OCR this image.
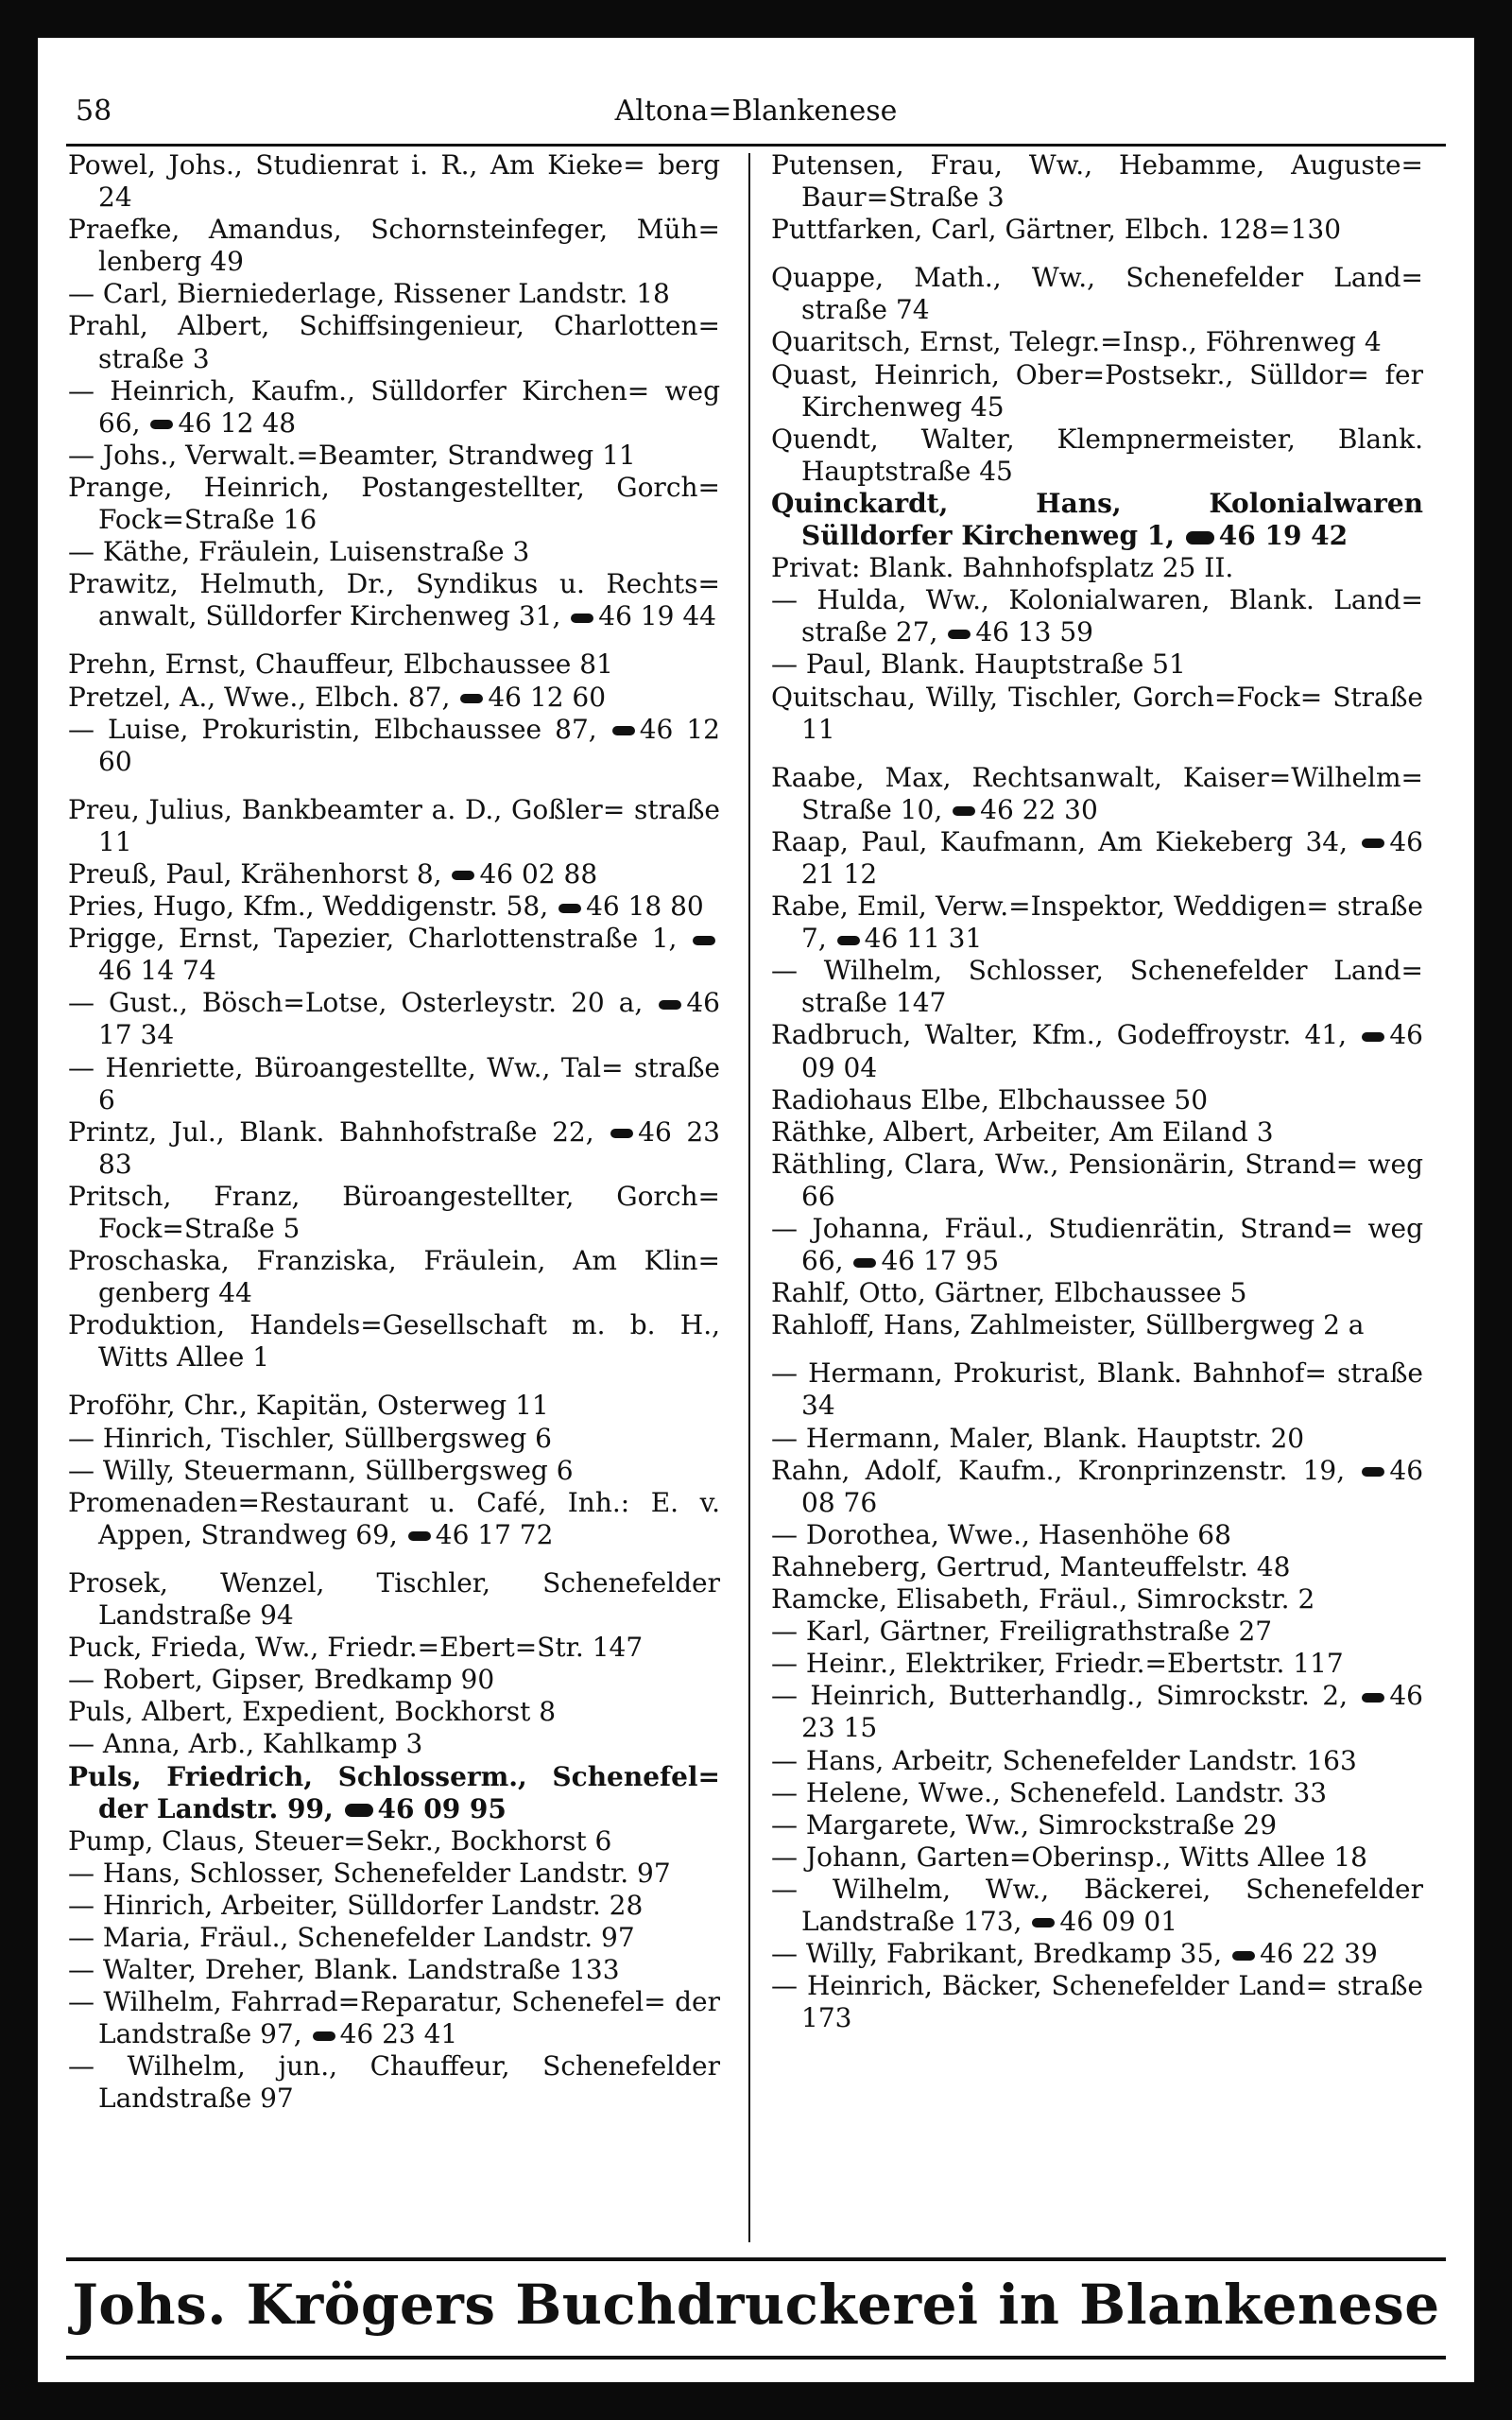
Altona=Blankenese
58
Powel, Johs., Studienrat i. R., Am Kieke= berg 24
Praefke, Amandus, Schornsteinfeger, Müh= lenberg 49
— Carl, Bierniederlage, Rissener Landstr. 18
Prahl, Albert, Schiffsingenieur, Charlotten= straße 3
— Heinrich, Kaufm., Sülldorfer Kirchen= weg 66, 46 12 48
— Johs., Verwalt.=Beamter, Strandweg 11
Prange, Heinrich, Postangestellter, Gorch= Fock=Straße 16
— Käthe, Fräulein, Luisenstraße 3
Prawitz, Helmuth, Dr., Syndikus u. Rechts= anwalt, Sülldorfer Kirchenweg 31, 46 19 44
Prehn, Ernst, Chauffeur, Elbchaussee 81
Pretzel, A., Wwe., Elbch. 87, 46 12 60
— Luise, Prokuristin, Elbchaussee 87, 46 12 60
Preu, Julius, Bankbeamter a. D., Goßler= straße 11
Preuß, Paul, Krähenhorst 8, 46 02 88
Pries, Hugo, Kfm., Weddigenstr. 58, 46 18 80
Prigge, Ernst, Tapezier, Charlottenstraße 1, 46 14 74
— Gust., Bösch=Lotse, Osterleystr. 20 a, 46 17 34
— Henriette, Büroangestellte, Ww., Tal= straße 6
Printz, Jul., Blank. Bahnhofstraße 22, 46 23 83
Pritsch, Franz, Büroangestellter, Gorch= Fock=Straße 5
Proschaska, Franziska, Fräulein, Am Klin= genberg 44
Produktion, Handels=Gesellschaft m. b. H., Witts Allee 1
Proföhr, Chr., Kapitän, Osterweg 11
— Hinrich, Tischler, Süllbergsweg 6
— Willy, Steuermann, Süllbergsweg 6
Promenaden=Restaurant u. Café, Inh.: E. v. Appen, Strandweg 69, 46 17 72
Prosek, Wenzel, Tischler, Schenefelder Landstraße 94
Puck, Frieda, Ww., Friedr.=Ebert=Str. 147
— Robert, Gipser, Bredkamp 90
Puls, Albert, Expedient, Bockhorst 8
— Anna, Arb., Kahlkamp 3
Puls, Friedrich, Schlosserm., Schenefel= der Landstr. 99, 46 09 95
Pump, Claus, Steuer=Sekr., Bockhorst 6
— Hans, Schlosser, Schenefelder Landstr. 97
— Hinrich, Arbeiter, Sülldorfer Landstr. 28
— Maria, Fräul., Schenefelder Landstr. 97
— Walter, Dreher, Blank. Landstraße 133
— Wilhelm, Fahrrad=Reparatur, Schenefel= der Landstraße 97, 46 23 41
— Wilhelm, jun., Chauffeur, Schenefelder Landstraße 97
Putensen, Frau, Ww., Hebamme, Auguste= Baur=Straße 3
Puttfarken, Carl, Gärtner, Elbch. 128=130
Quappe, Math., Ww., Schenefelder Land= straße 74
Quaritsch, Ernst, Telegr.=Insp., Föhrenweg 4
Quast, Heinrich, Ober=Postsekr., Sülldor= fer Kirchenweg 45
Quendt, Walter, Klempnermeister, Blank. Hauptstraße 45
Quinckardt, Hans, Kolonialwaren Sülldorfer Kirchenweg 1, 46 19 42
Privat: Blank. Bahnhofsplatz 25 II.
— Hulda, Ww., Kolonialwaren, Blank. Land= straße 27, 46 13 59
— Paul, Blank. Hauptstraße 51
Quitschau, Willy, Tischler, Gorch=Fock= Straße 11
Raabe, Max, Rechtsanwalt, Kaiser=Wilhelm= Straße 10, 46 22 30
Raap, Paul, Kaufmann, Am Kiekeberg 34, 46 21 12
Rabe, Emil, Verw.=Inspektor, Weddigen= straße 7, 46 11 31
— Wilhelm, Schlosser, Schenefelder Land= straße 147
Radbruch, Walter, Kfm., Godeffroystr. 41, 46 09 04
Radiohaus Elbe, Elbchaussee 50
Räthke, Albert, Arbeiter, Am Eiland 3
Räthling, Clara, Ww., Pensionärin, Strand= weg 66
— Johanna, Fräul., Studienrätin, Strand= weg 66, 46 17 95
Rahlf, Otto, Gärtner, Elbchaussee 5
Rahloff, Hans, Zahlmeister, Süllbergweg 2 a
— Hermann, Prokurist, Blank. Bahnhof= straße 34
— Hermann, Maler, Blank. Hauptstr. 20
Rahn, Adolf, Kaufm., Kronprinzenstr. 19, 46 08 76
— Dorothea, Wwe., Hasenhöhe 68
Rahneberg, Gertrud, Manteuffelstr. 48
Ramcke, Elisabeth, Fräul., Simrockstr. 2
— Karl, Gärtner, Freiligrathstraße 27
— Heinr., Elektriker, Friedr.=Ebertstr. 117
— Heinrich, Butterhandlg., Simrockstr. 2, 46 23 15
— Hans, Arbeitr, Schenefelder Landstr. 163
— Helene, Wwe., Schenefeld. Landstr. 33
— Margarete, Ww., Simrockstraße 29
— Johann, Garten=Oberinsp., Witts Allee 18
— Wilhelm, Ww., Bäckerei, Schenefelder Landstraße 173, 46 09 01
— Willy, Fabrikant, Bredkamp 35, 46 22 39
— Heinrich, Bäcker, Schenefelder Land= straße 173
Johs. Krögers Buchdruckerei in Blankenese
